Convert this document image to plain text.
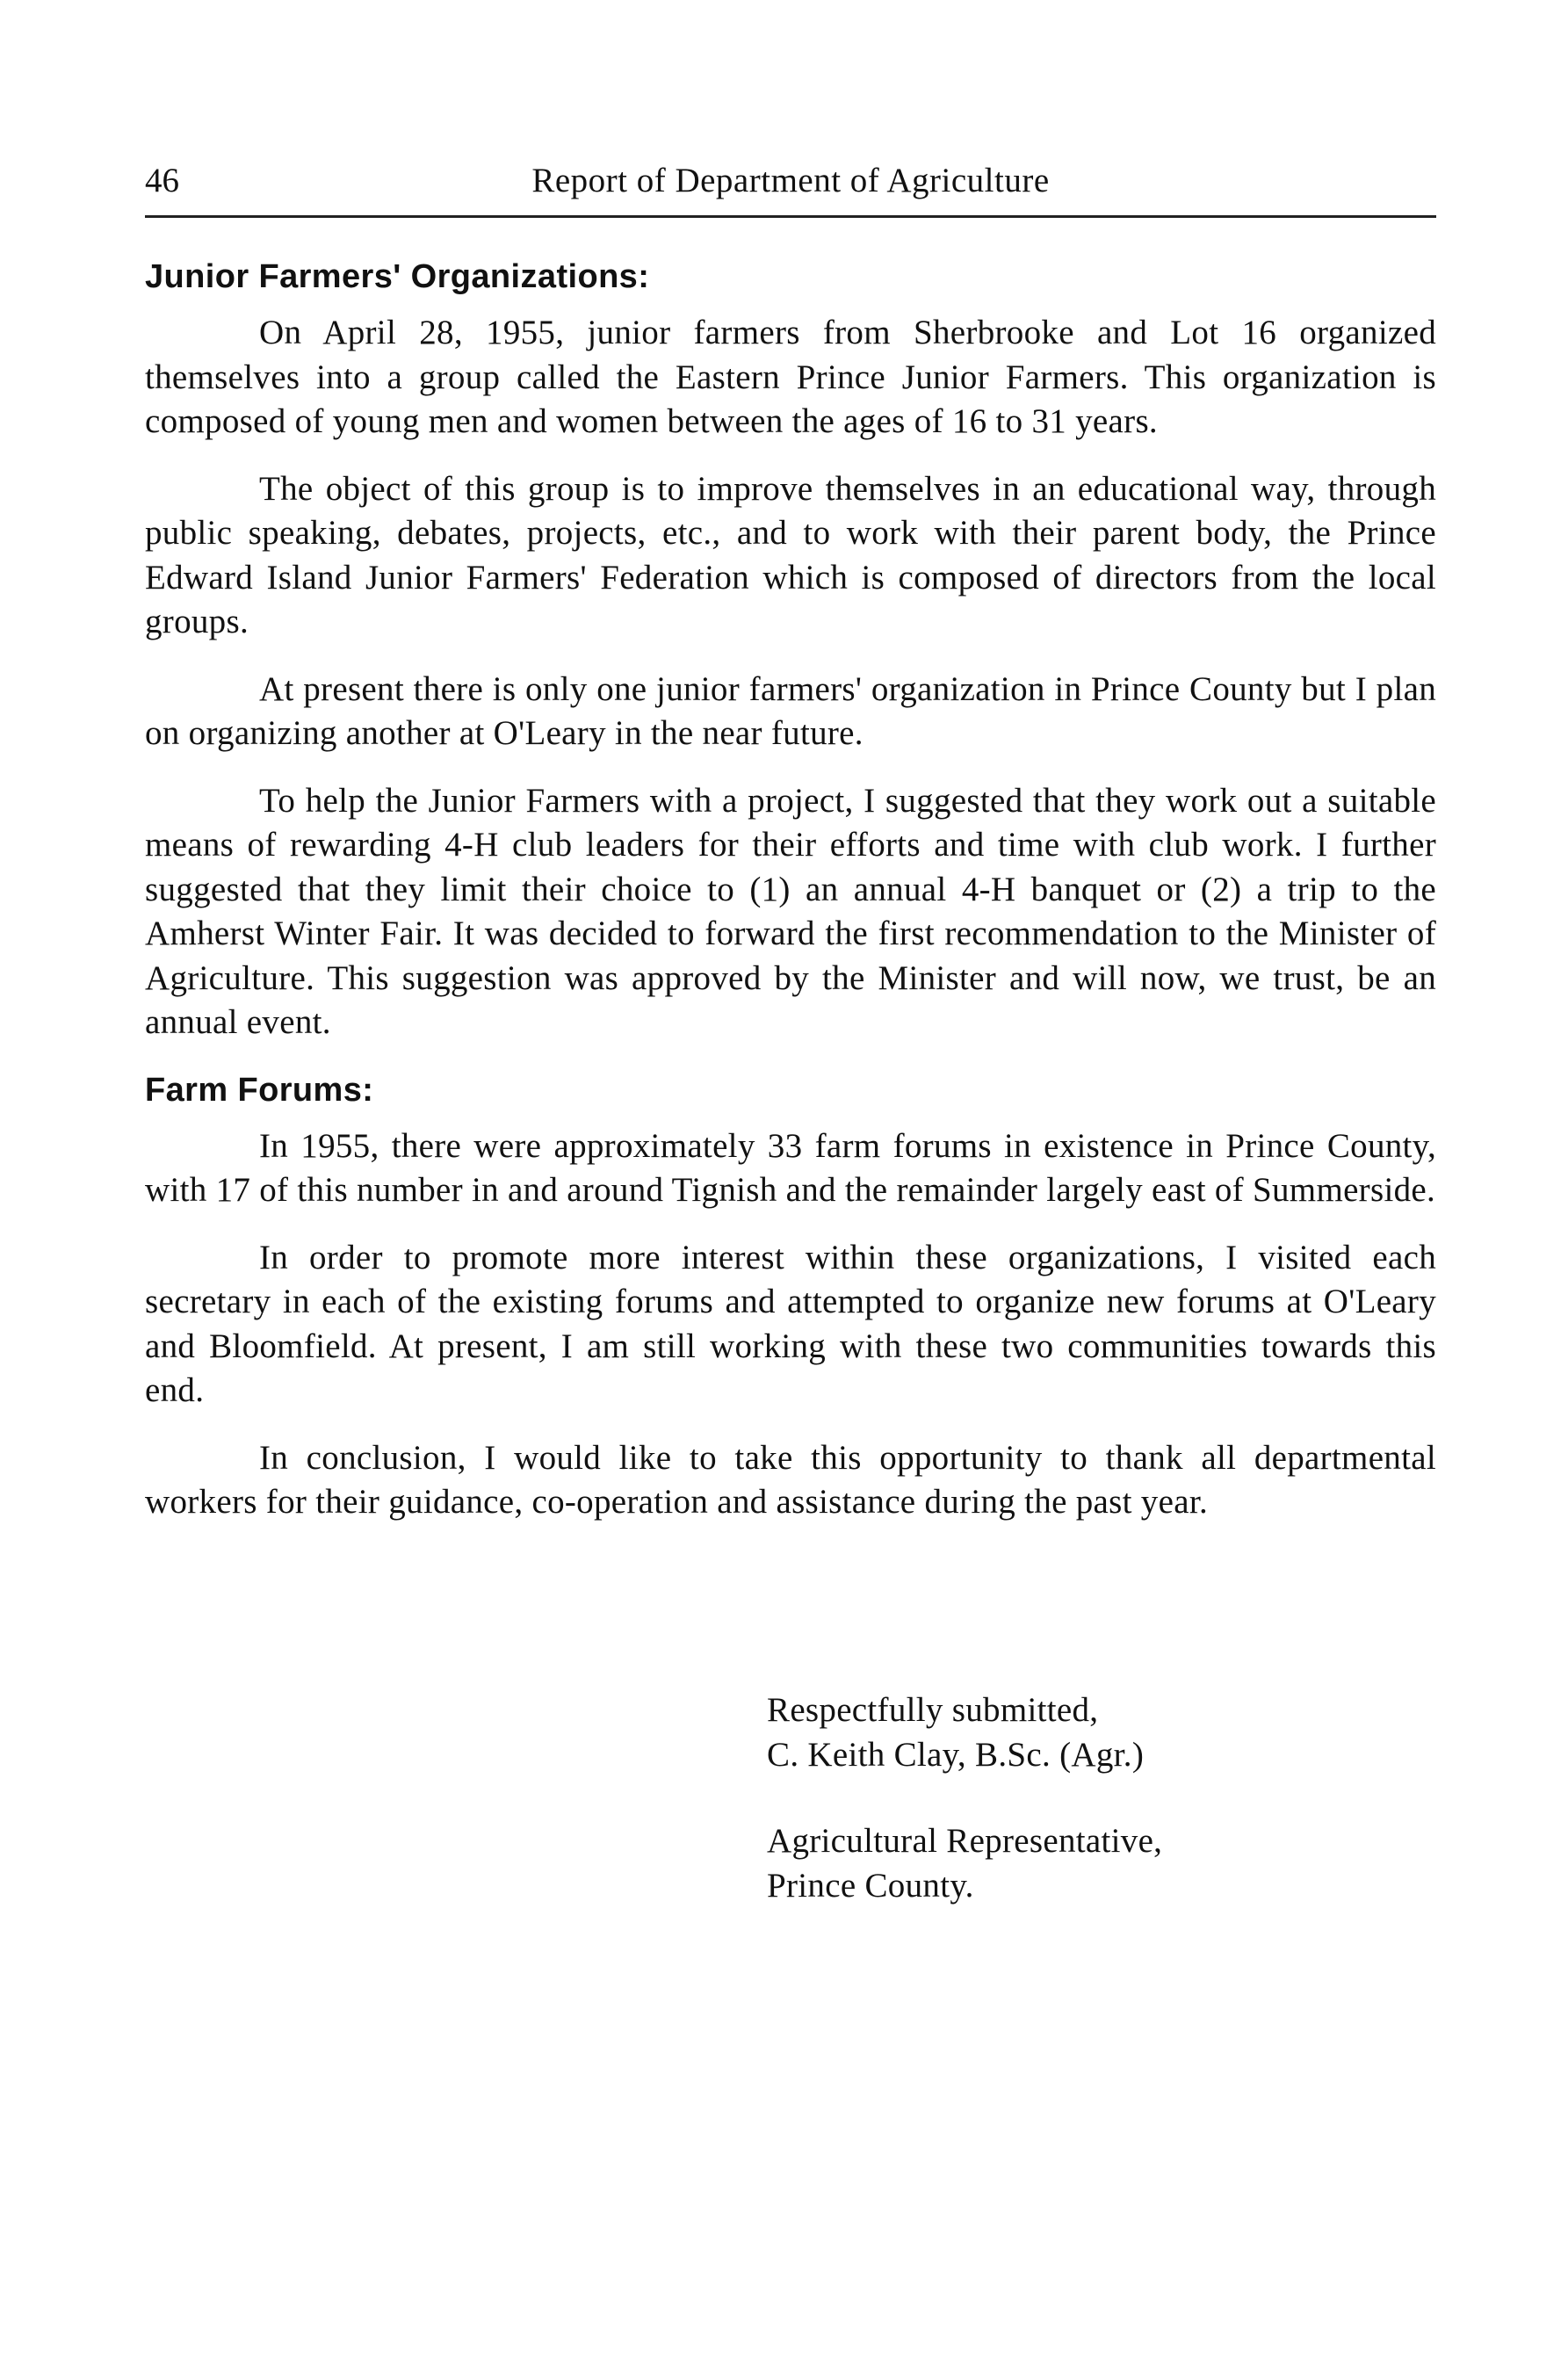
46	Report of Department of Agriculture
Junior Farmers' Organizations:

On April 28, 1955, junior farmers from Sherbrooke and Lot 16 organized themselves into a group called the Eastern Prince Junior Farmers. This organization is composed of young men and women between the ages of 16 to 31 years.

The object of this group is to improve themselves in an educational way, through public speaking, debates, projects, etc., and to work with their parent body, the Prince Edward Island Junior Farmers' Federation which is composed of directors from the local groups.

At present there is only one junior farmers' organization in Prince County but I plan on organizing another at O'Leary in the near future.

To help the Junior Farmers with a project, I suggested that they work out a suitable means of rewarding 4-H club leaders for their efforts and time with club work. I further suggested that they limit their choice to (1) an annual 4-H banquet or (2) a trip to the Amherst Winter Fair. It was decided to forward the first recommendation to the Minister of Agriculture. This suggestion was approved by the Minister and will now, we trust, be an annual event.

Farm Forums:

In 1955, there were approximately 33 farm forums in existence in Prince County, with 17 of this number in and around Tignish and the remainder largely east of Summerside.

In order to promote more interest within these organizations, I visited each secretary in each of the existing forums and attempted to organize new forums at O'Leary and Bloomfield. At present, I am still working with these two communities towards this end.

In conclusion, I would like to take this opportunity to thank all departmental workers for their guidance, co-operation and assistance during the past year.

Respectfully submitted,
C. Keith Clay, B.Sc. (Agr.)
Agricultural Representative,
Prince County.
